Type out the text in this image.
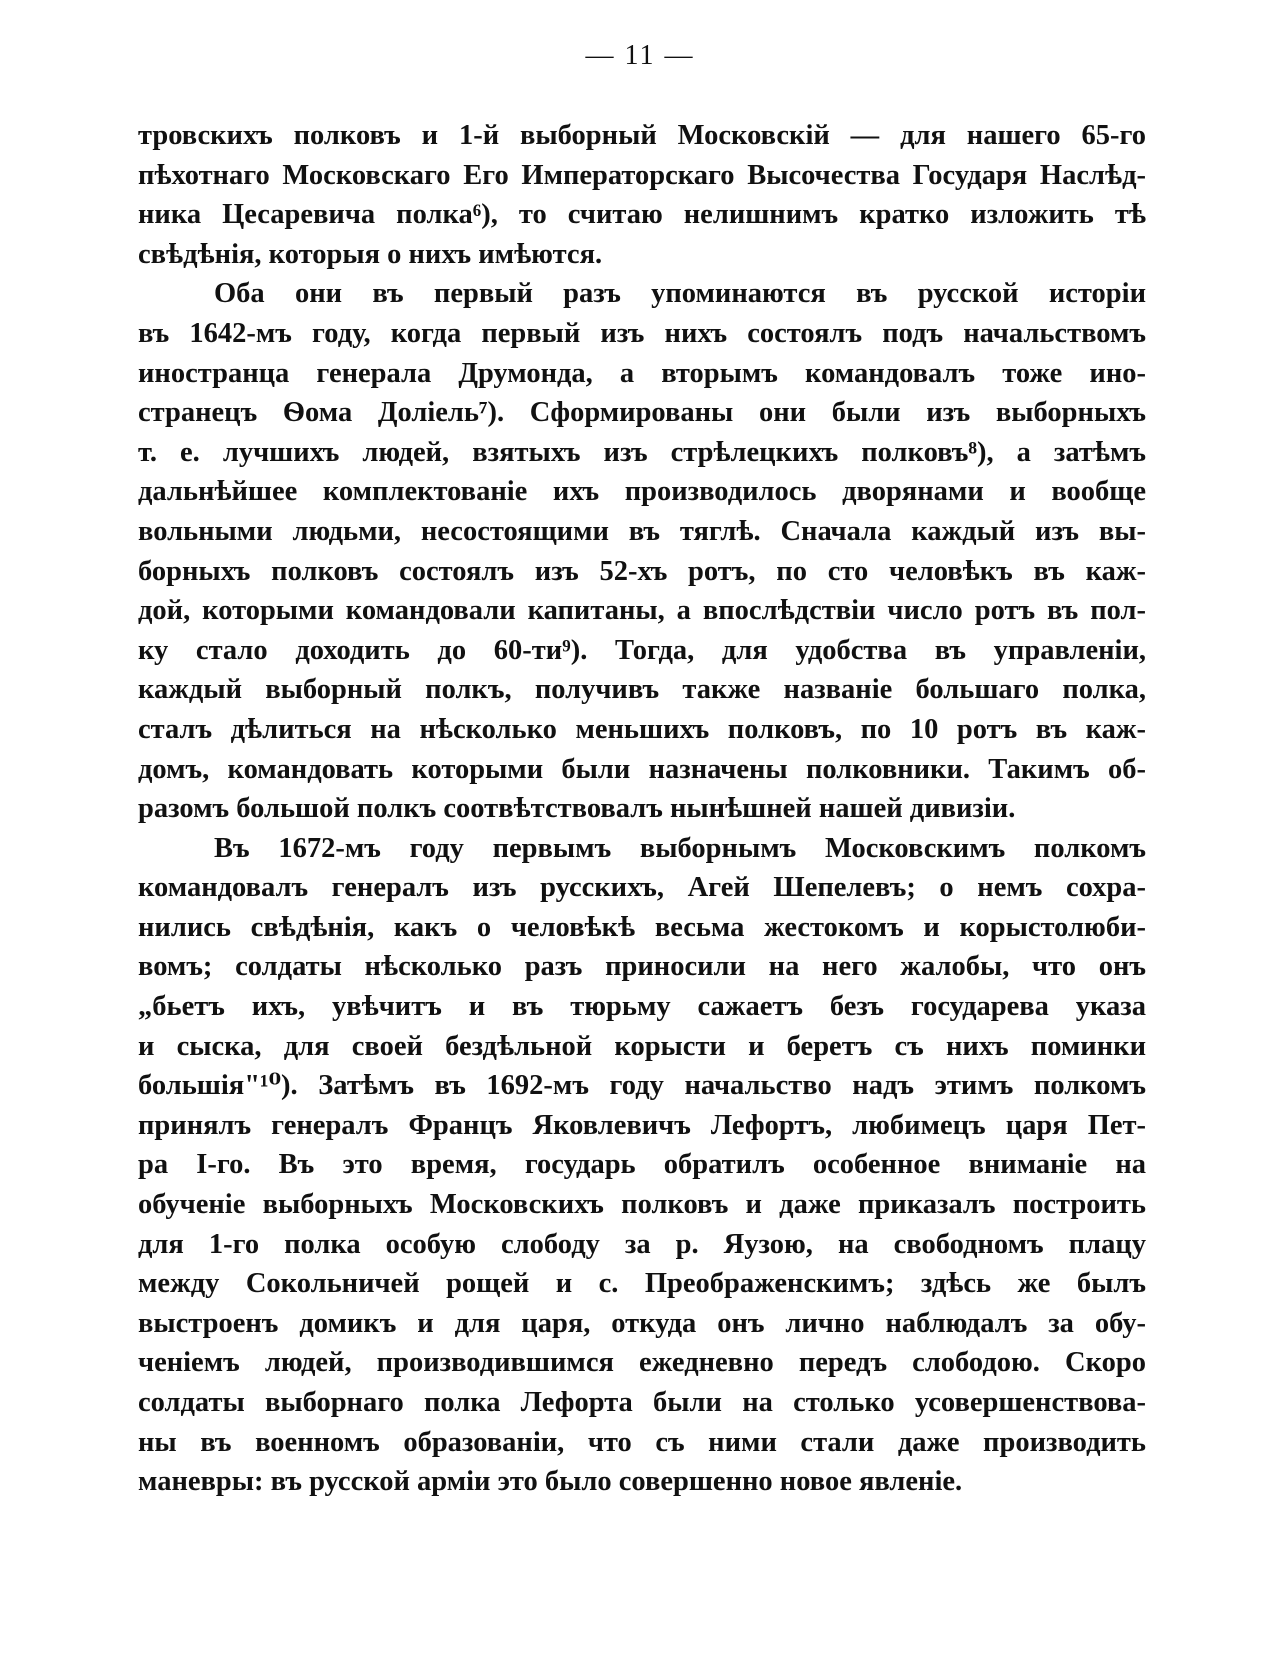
— 11 —
тровскихъ полковъ и 1-й выборный Московскій — для нашего 65-го
пѣхотнаго Московскаго Его Императорскаго Высочества Государя Наслѣд-
ника Цесаревича полка⁶), то считаю нелишнимъ кратко изложить тѣ
свѣдѣнія, которыя о нихъ имѣются.
Оба они въ первый разъ упоминаются въ русской исторіи
въ 1642-мъ году, когда первый изъ нихъ состоялъ подъ начальствомъ
иностранца генерала Друмонда, а вторымъ командовалъ тоже ино-
странецъ Ѳома Доліель⁷). Сформированы они были изъ выборныхъ
т. е. лучшихъ людей, взятыхъ изъ стрѣлецкихъ полковъ⁸), а затѣмъ
дальнѣйшее комплектованіе ихъ производилось дворянами и вообще
вольными людьми, несостоящими въ тяглѣ. Сначала каждый изъ вы-
борныхъ полковъ состоялъ изъ 52-хъ ротъ, по сто человѣкъ въ каж-
дой, которыми командовали капитаны, а впослѣдствіи число ротъ въ пол-
ку стало доходить до 60-ти⁹). Тогда, для удобства въ управленіи,
каждый выборный полкъ, получивъ также названіе большаго полка,
сталъ дѣлиться на нѣсколько меньшихъ полковъ, по 10 ротъ въ каж-
домъ, командовать которыми были назначены полковники. Такимъ об-
разомъ большой полкъ соотвѣтствовалъ нынѣшней нашей дивизіи.
Въ 1672-мъ году первымъ выборнымъ Московскимъ полкомъ
командовалъ генералъ изъ русскихъ, Агей Шепелевъ; о немъ сохра-
нились свѣдѣнія, какъ о человѣкѣ весьма жестокомъ и корыстолюби-
вомъ; солдаты нѣсколько разъ приносили на него жалобы, что онъ
„бьетъ ихъ, увѣчитъ и въ тюрьму сажаетъ безъ государева указа
и сыска, для своей бездѣльной корысти и беретъ съ нихъ поминки
большія"¹⁰). Затѣмъ въ 1692-мъ году начальство надъ этимъ полкомъ
принялъ генералъ Францъ Яковлевичъ Лефортъ, любимецъ царя Пет-
ра I-го. Въ это время, государь обратилъ особенное вниманіе на
обученіе выборныхъ Московскихъ полковъ и даже приказалъ построить
для 1-го полка особую слободу за р. Яузою, на свободномъ плацу
между Сокольничей рощей и с. Преображенскимъ; здѣсь же былъ
выстроенъ домикъ и для царя, откуда онъ лично наблюдалъ за обу-
ченіемъ людей, производившимся ежедневно передъ слободою. Скоро
солдаты выборнаго полка Лефорта были на столько усовершенствова-
ны въ военномъ образованіи, что съ ними стали даже производить
маневры: въ русской арміи это было совершенно новое явленіе.
